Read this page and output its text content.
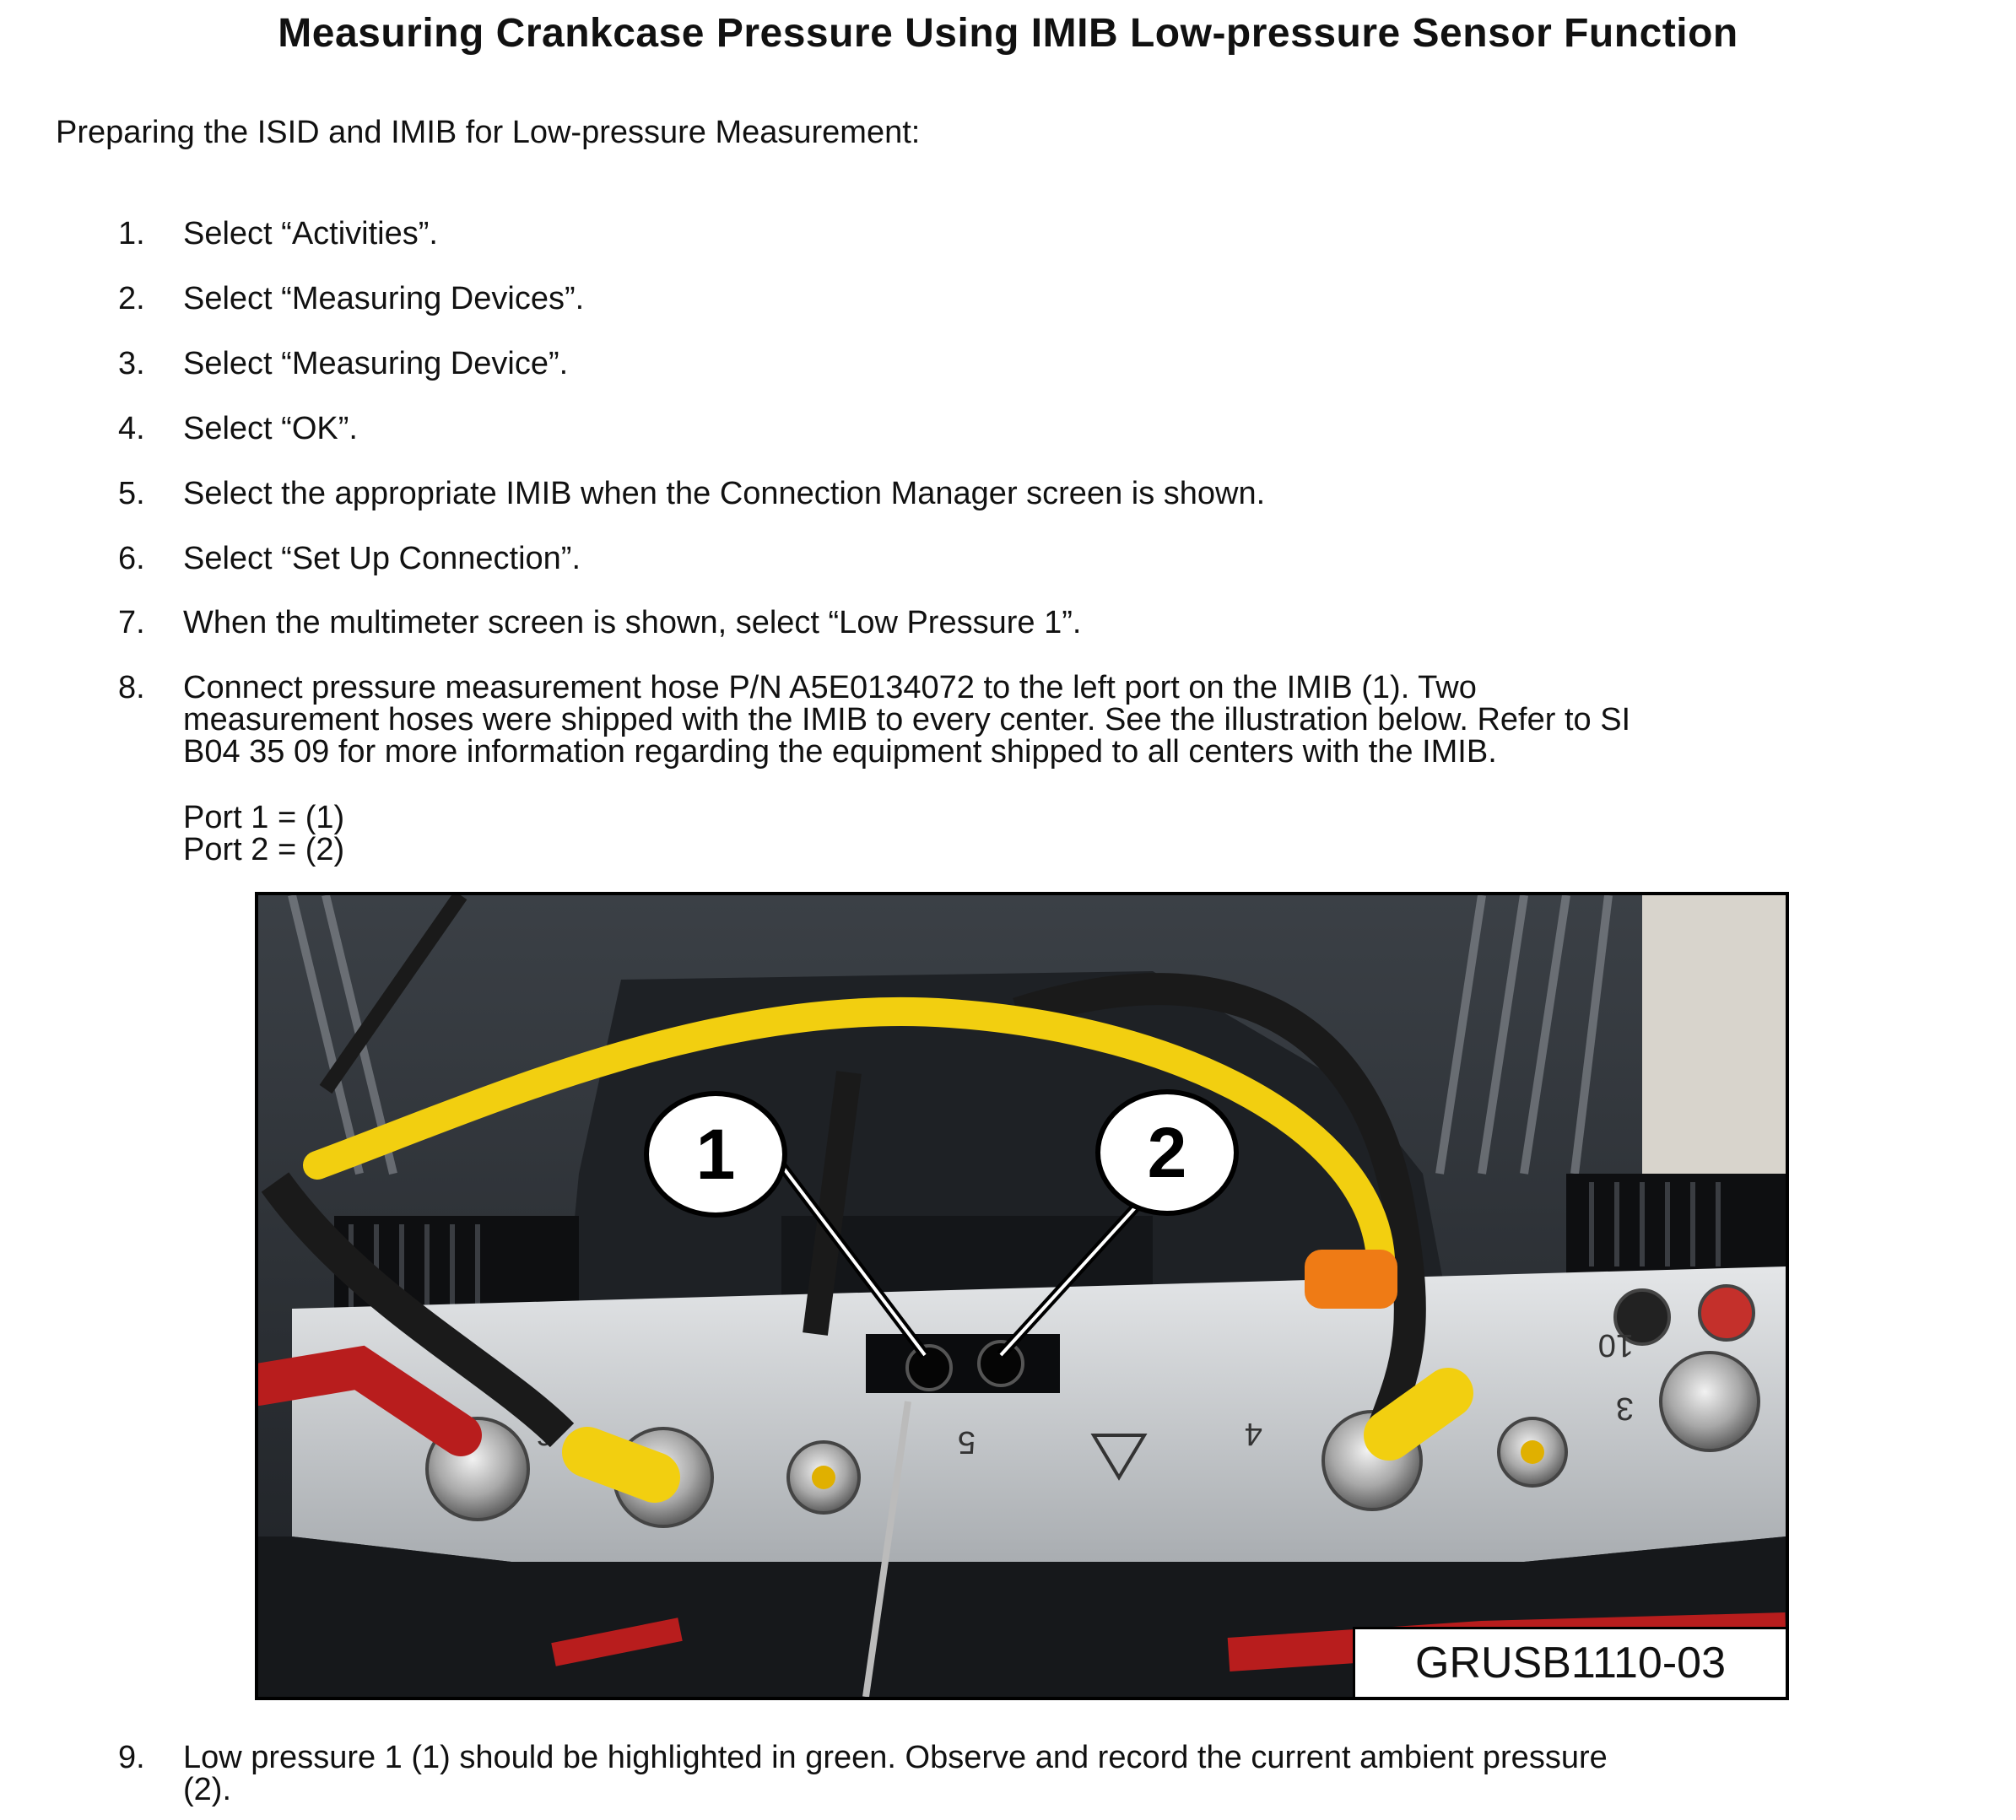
Measuring Crankcase Pressure Using IMIB Low-pressure Sensor Function
Preparing the ISID and IMIB for Low-pressure Measurement:
1.	Select “Activities”.
2.	Select “Measuring Devices”.
3.	Select “Measuring Device”.
4.	Select “OK”.
5.	Select the appropriate IMIB when the Connection Manager screen is shown.
6.	Select “Set Up Connection”.
7.	When the multimeter screen is shown, select “Low Pressure 1”.
8.	Connect pressure measurement hose P/N A5E0134072 to the left port on the IMIB (1). Two
measurement hoses were shipped with the IMIB to every center. See the illustration below. Refer to SI
B04 35 09 for more information regarding the equipment shipped to all centers with the IMIB.
Port 1 = (1)
Port 2 = (2)
6	5	4
3
10
1	2
GRUSB1110-03
9.	Low pressure 1 (1) should be highlighted in green. Observe and record the current ambient pressure
(2).
